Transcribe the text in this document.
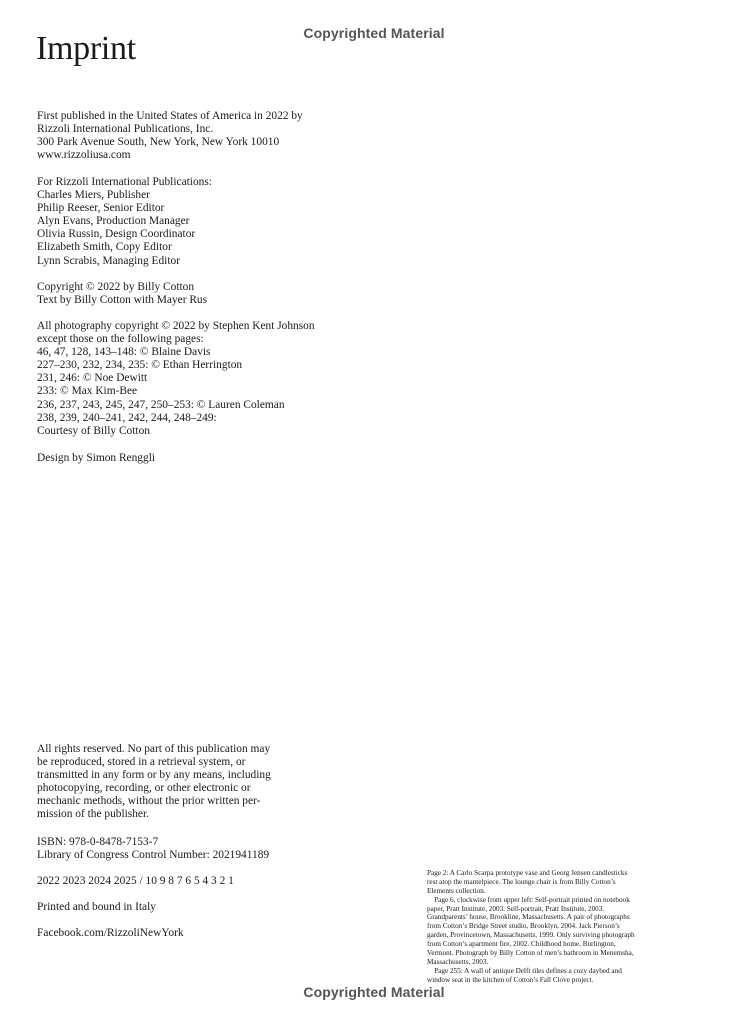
Copyrighted Material
Imprint
First published in the United States of America in 2022 by
Rizzoli International Publications, Inc.
300 Park Avenue South, New York, New York 10010
www.rizzoliusa.com
For Rizzoli International Publications:
Charles Miers, Publisher
Philip Reeser, Senior Editor
Alyn Evans, Production Manager
Olivia Russin, Design Coordinator
Elizabeth Smith, Copy Editor
Lynn Scrabis, Managing Editor
Copyright © 2022 by Billy Cotton
Text by Billy Cotton with Mayer Rus
All photography copyright © 2022 by Stephen Kent Johnson
except those on the following pages:
46, 47, 128, 143–148: © Blaine Davis
227–230, 232, 234, 235: © Ethan Herrington
231, 246: © Noe Dewitt
233: © Max Kim-Bee
236, 237, 243, 245, 247, 250–253: © Lauren Coleman
238, 239, 240–241, 242, 244, 248–249:
Courtesy of Billy Cotton
Design by Simon Renggli
All rights reserved. No part of this publication may
be reproduced, stored in a retrieval system, or
transmitted in any form or by any means, including
photocopying, recording, or other electronic or
mechanic methods, without the prior written per-
mission of the publisher.
ISBN: 978-0-8478-7153-7
Library of Congress Control Number: 2021941189
2022 2023 2024 2025 / 10 9 8 7 6 5 4 3 2 1
Printed and bound in Italy
Facebook.com/RizzoliNewYork
Page 2: A Carlo Scarpa prototype vase and Georg Jensen candlesticks
rest atop the mantelpiece. The lounge chair is from Billy Cotton’s
Elements collection.
Page 6, clockwise from upper left: Self-portrait printed on notebook
paper, Pratt Institute, 2003. Self-portrait, Pratt Institute, 2003.
Grandparents’ house, Brookline, Massachusetts. A pair of photographs
from Cotton’s Bridge Street studio, Brooklyn, 2004. Jack Pierson’s
garden, Provincetown, Massachusetts, 1999. Only surviving photograph
from Cotton’s apartment fire, 2002. Childhood home, Burlington,
Vermont. Photograph by Billy Cotton of men’s bathroom in Menemsha,
Massachusetts, 2003.
Page 255: A wall of antique Delft tiles defines a cozy daybed and
window seat in the kitchen of Cotton’s Fall Clove project.
Copyrighted Material
